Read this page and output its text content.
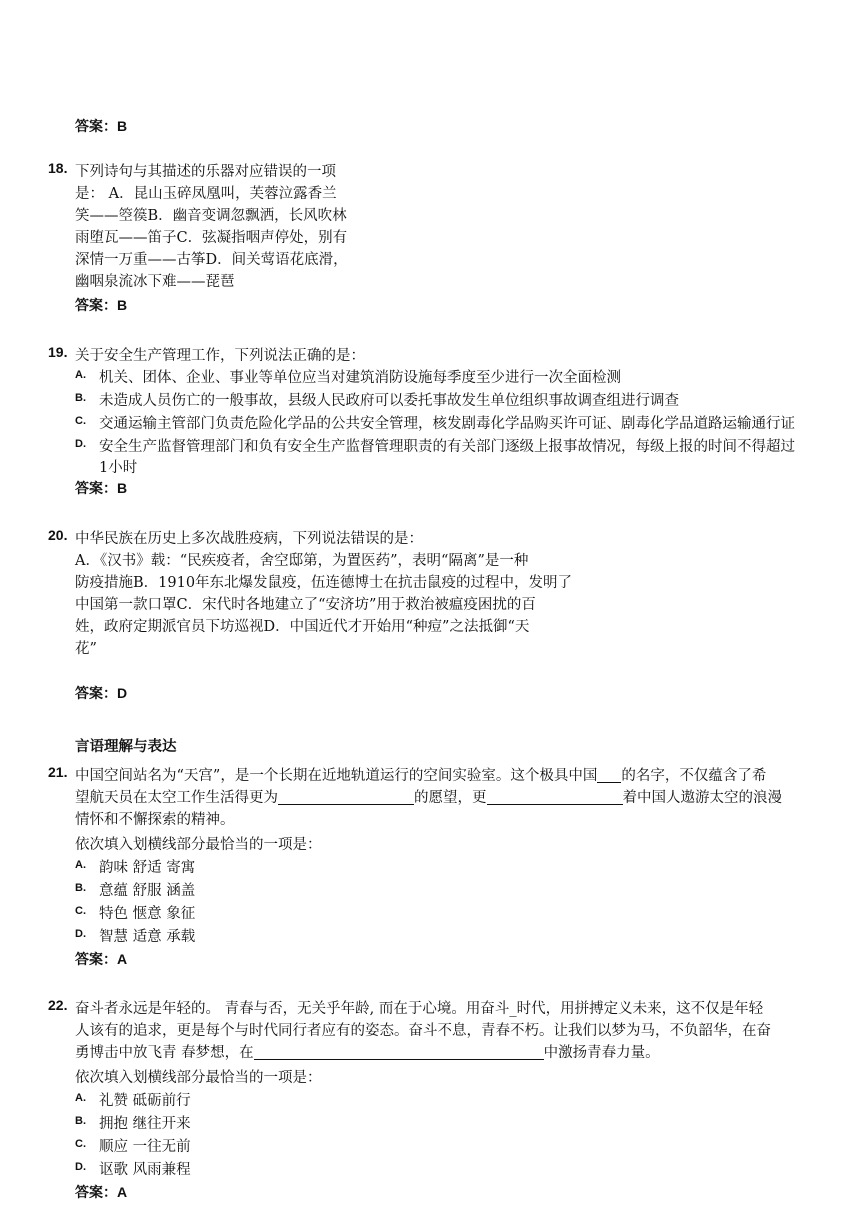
答案：B
18. 下列诗句与其描述的乐器对应错误的一项
是： A．昆山玉碎凤凰叫，芙蓉泣露香兰
笑——箜篌B．幽音变调忽飘洒，长风吹林
雨堕瓦——笛子C．弦凝指咽声停处，别有
深情一万重——古筝D．间关莺语花底滑，
幽咽泉流冰下难——琵琶
答案：B
19. 关于安全生产管理工作，下列说法正确的是：
A. 机关、团体、企业、事业等单位应当对建筑消防设施每季度至少进行一次全面检测
B. 未造成人员伤亡的一般事故，县级人民政府可以委托事故发生单位组织事故调查组进行调查
C. 交通运输主管部门负责危险化学品的公共安全管理，核发剧毒化学品购买许可证、剧毒化学品道路运输通行证
D. 安全生产监督管理部门和负有安全生产监督管理职责的有关部门逐级上报事故情况，每级上报的时间不得超过
1小时
答案：B
20. 中华民族在历史上多次战胜疫病，下列说法错误的是：
A．《汉书》载：“民疾疫者，舍空邸第，为置医药”，表明“隔离”是一种
防疫措施B．1910年东北爆发鼠疫，伍连德博士在抗击鼠疫的过程中，发明了
中国第一款口罩C．宋代时各地建立了“安济坊”用于救治被瘟疫困扰的百
姓，政府定期派官员下坊巡视D．中国近代才开始用“种痘”之法抵御“天
花”
答案：D
言语理解与表达
21. 中国空间站名为“天宫”，是一个长期在近地轨道运行的空间实验室。这个极具中国 的名字，不仅蕴含了希
望航天员在太空工作生活得更为	的愿望，更	着中国人遨游太空的浪漫
情怀和不懈探索的精神。
依次填入划横线部分最恰当的一项是：
A. 韵味 舒适 寄寓
B. 意蕴 舒服 涵盖
C. 特色 惬意 象征
D. 智慧 适意 承载
答案：A
22. 奋斗者永远是年轻的。 青春与否，无关乎年龄, 而在于心境。用奋斗_时代，用拼搏定义未来，这不仅是年轻
人该有的追求，更是每个与时代同行者应有的姿态。奋斗不息，青春不朽。让我们以梦为马，不负韶华，在奋
勇博击中放飞青 春梦想，在	中激扬青春力量。
依次填入划横线部分最恰当的一项是：
A. 礼赞 砥砺前行
B. 拥抱 继往开来
C. 顺应 一往无前
D. 讴歌 风雨兼程
答案：A
